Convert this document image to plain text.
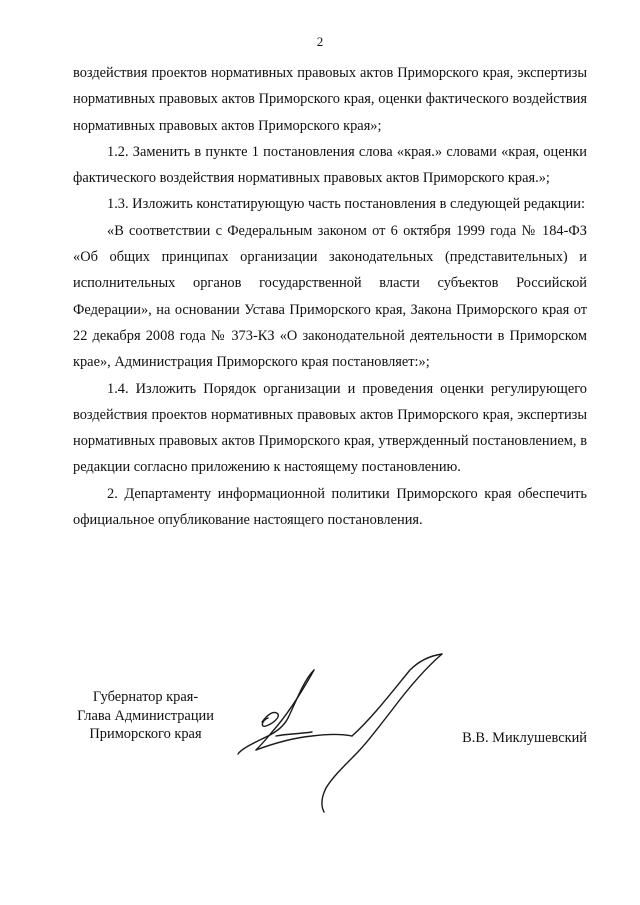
2

воздействия проектов нормативных правовых актов Приморского края, экспертизы нормативных правовых актов Приморского края, оценки фактического воздействия нормативных правовых актов Приморского края»;

1.2. Заменить в пункте 1 постановления слова «края.» словами «края, оценки фактического воздействия нормативных правовых актов Приморского края.»;

1.3. Изложить констатирующую часть постановления в следующей редакции:

«В соответствии с Федеральным законом от 6 октября 1999 года № 184-ФЗ «Об общих принципах организации законодательных (представительных) и исполнительных органов государственной власти субъектов Российской Федерации», на основании Устава Приморского края, Закона Приморского края от 22 декабря 2008 года № 373-КЗ «О законодательной деятельности в Приморском крае», Администрация Приморского края постановляет:»;

1.4. Изложить Порядок организации и проведения оценки регулирующего воздействия проектов нормативных правовых актов Приморского края, экспертизы нормативных правовых актов Приморского края, утвержденный постановлением, в редакции согласно приложению к настоящему постановлению.

2. Департаменту информационной политики Приморского края обеспечить официальное опубликование настоящего постановления.

Губернатор края-
Глава Администрации
Приморского края	В.В. Миклушевский
